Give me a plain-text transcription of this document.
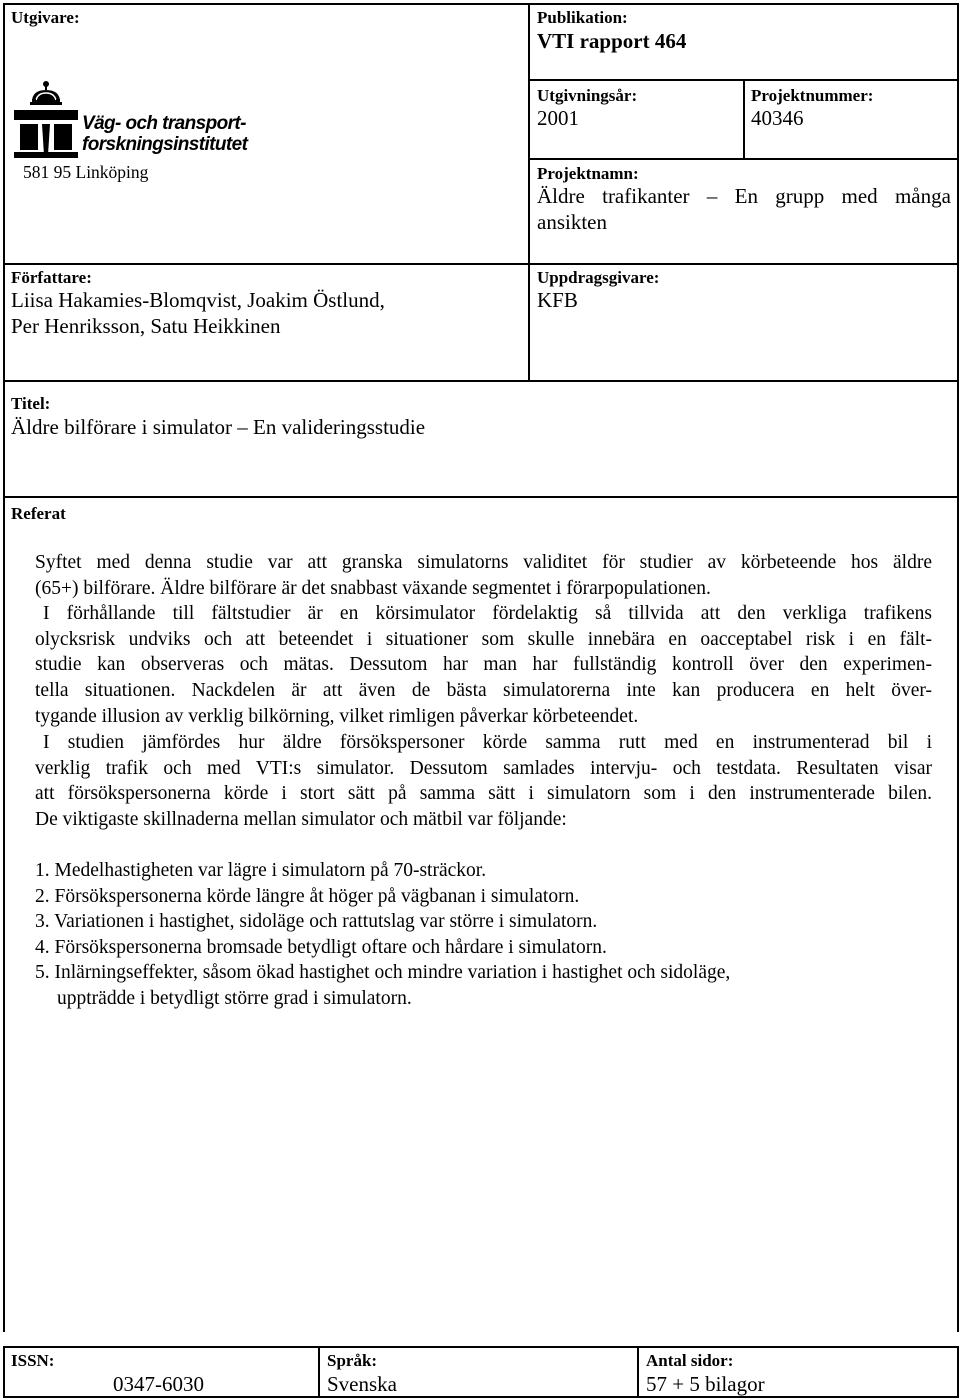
Utgivare:
Väg- och transport-
forskningsinstitutet
581 95 Linköping
Publikation:
VTI rapport 464
Utgivningsår:
2001
Projektnummer:
40346
Projektnamn:
Äldre trafikanter – En grupp med många
ansikten
Författare:
Liisa Hakamies-Blomqvist, Joakim Östlund,
Per Henriksson, Satu Heikkinen
Uppdragsgivare:
KFB
Titel:
Äldre bilförare i simulator – En valideringsstudie
Referat
Syftet med denna studie var att granska simulatorns validitet för studier av körbeteende hos äldre
(65+) bilförare. Äldre bilförare är det snabbast växande segmentet i förarpopulationen.
I förhållande till fältstudier är en körsimulator fördelaktig så tillvida att den verkliga trafikens
olycksrisk undviks och att beteendet i situationer som skulle innebära en oacceptabel risk i en fält-
studie kan observeras och mätas. Dessutom har man har fullständig kontroll över den experimen-
tella situationen. Nackdelen är att även de bästa simulatorerna inte kan producera en helt över-
tygande illusion av verklig bilkörning, vilket rimligen påverkar körbeteendet.
I studien jämfördes hur äldre försökspersoner körde samma rutt med en instrumenterad bil i
verklig trafik och med VTI:s simulator. Dessutom samlades intervju- och testdata. Resultaten visar
att försökspersonerna körde i stort sätt på samma sätt i simulatorn som i den instrumenterade bilen.
De viktigaste skillnaderna mellan simulator och mätbil var följande:
1. Medelhastigheten var lägre i simulatorn på 70-sträckor.
2. Försökspersonerna körde längre åt höger på vägbanan i simulatorn.
3. Variationen i hastighet, sidoläge och rattutslag var större i simulatorn.
4. Försökspersonerna bromsade betydligt oftare och hårdare i simulatorn.
5. Inlärningseffekter, såsom ökad hastighet och mindre variation i hastighet och sidoläge,
uppträdde i betydligt större grad i simulatorn.
ISSN:
0347-6030
Språk:
Svenska
Antal sidor:
57 + 5 bilagor
